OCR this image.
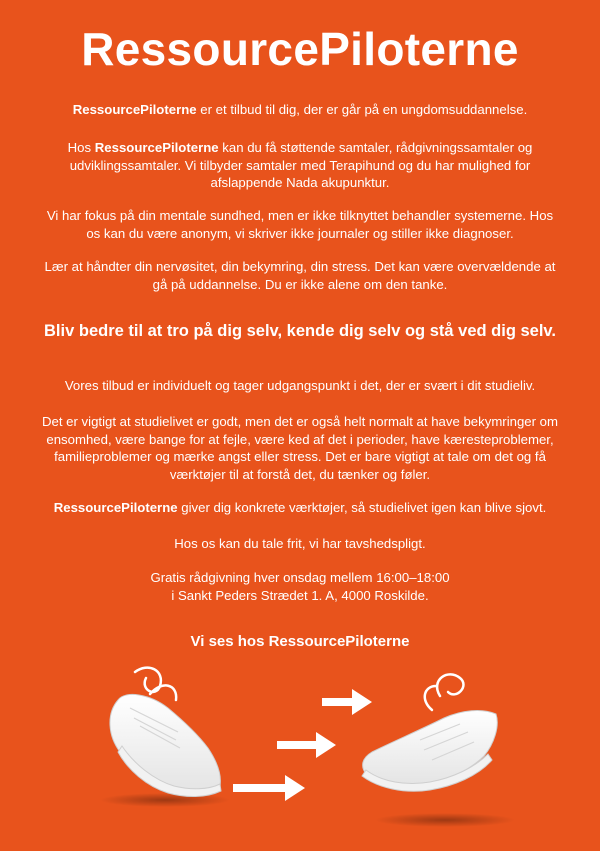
RessourcePiloterne

RessourcePiloterne er et tilbud til dig, der er går på en ungdomsuddannelse.

Hos RessourcePiloterne kan du få støttende samtaler, rådgivningssamtaler og udviklingssamtaler. Vi tilbyder samtaler med Terapihund og du har mulighed for afslappende Nada akupunktur.

Vi har fokus på din mentale sundhed, men er ikke tilknyttet behandler systemerne. Hos os kan du være anonym, vi skriver ikke journaler og stiller ikke diagnoser.

Lær at håndter din nervøsitet, din bekymring, din stress. Det kan være overvældende at gå på uddannelse. Du er ikke alene om den tanke.

Bliv bedre til at tro på dig selv, kende dig selv og stå ved dig selv.

Vores tilbud er individuelt og tager udgangspunkt i det, der er svært i dit studieliv.

Det er vigtigt at studielivet er godt, men det er også helt normalt at have bekymringer om ensomhed, være bange for at fejle, være ked af det i perioder, have kæresteproblemer, familieproblemer og mærke angst eller stress. Det er bare vigtigt at tale om det og få værktøjer til at forstå det, du tænker og føler.

RessourcePiloterne giver dig konkrete værktøjer, så studielivet igen kan blive sjovt.

Hos os kan du tale frit, vi har tavshedspligt.

Gratis rådgivning hver onsdag mellem 16:00–18:00
i Sankt Peders Strædet 1. A, 4000 Roskilde.

Vi ses hos RessourcePiloterne
